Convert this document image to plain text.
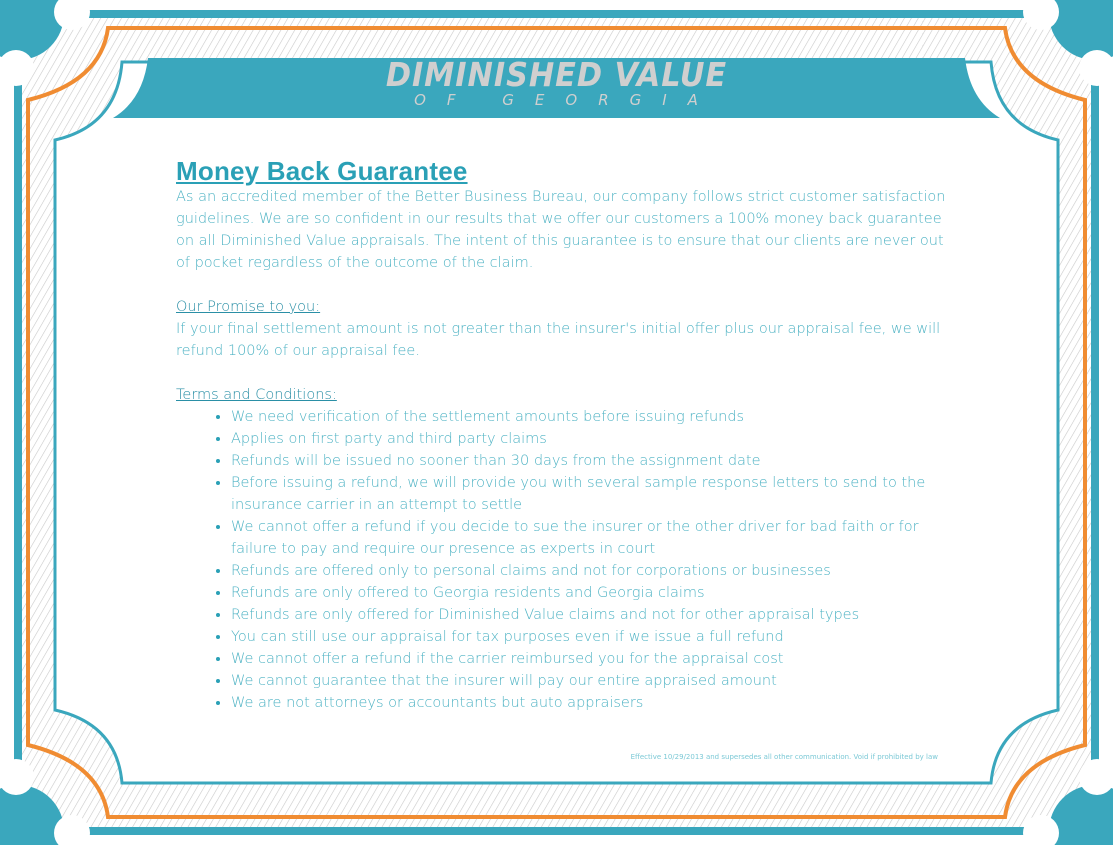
DIMINISHED VALUE
OF GEORGIA
Money Back Guarantee

As an accredited member of the Better Business Bureau, our company follows strict customer satisfaction guidelines. We are so confident in our results that we offer our customers a 100% money back guarantee on all Diminished Value appraisals. The intent of this guarantee is to ensure that our clients are never out of pocket regardless of the outcome of the claim.

Our Promise to you:

If your final settlement amount is not greater than the insurer's initial offer plus our appraisal fee, we will refund 100% of our appraisal fee.

Terms and Conditions:
• We need verification of the settlement amounts before issuing refunds
• Applies on first party and third party claims
• Refunds will be issued no sooner than 30 days from the assignment date
• Before issuing a refund, we will provide you with several sample response letters to send to the insurance carrier in an attempt to settle
• We cannot offer a refund if you decide to sue the insurer or the other driver for bad faith or for failure to pay and require our presence as experts in court
• Refunds are offered only to personal claims and not for corporations or businesses
• Refunds are only offered to Georgia residents and Georgia claims
• Refunds are only offered for Diminished Value claims and not for other appraisal types
• You can still use our appraisal for tax purposes even if we issue a full refund
• We cannot offer a refund if the carrier reimbursed you for the appraisal cost
• We cannot guarantee that the insurer will pay our entire appraised amount
• We are not attorneys or accountants but auto appraisers
Effective 10/29/2013 and supersedes all other communication. Void if prohibited by law
